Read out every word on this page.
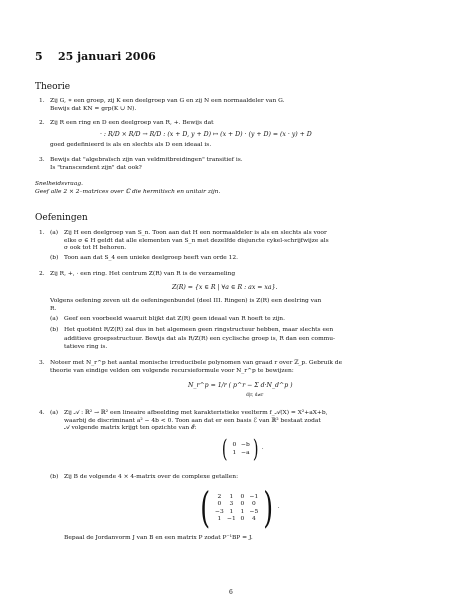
5 25 januari 2006
Theorie
1. Zij G, ∗ een groep, zij K een deelgroep van G en zij N een normaaldeler van G.
Bewijs dat KN = grp(K ∪ N).
2. Zij R een ring en D een deelgroep van R, +. Bewijs dat
· : R/D × R/D → R/D : (x + D, y + D) ↦ (x + D) · (y + D) = (x · y) + D
goed gedefinieerd is als en slechts als D een ideaal is.
3. Bewijs dat "algebraïsch zijn van veldmitbreidingen" transitief is.
Is "transcendent zijn" dat ook?
Snelheidsvraag.
Geef alle 2 × 2–matrices over ℂ die hermitisch en unitair zijn.
Oefeningen
1. (a) Zij H een deelgroep van S_n. Toon aan dat H een normaaldeler is als en slechts als voor
elke σ ∈ H geldt dat alle elementen van S_n met dezelfde disjuncte cykel-schrijfwijze als
σ ook tot H behoren.
(b) Toon aan dat S_4 een unieke deelgroep heeft van orde 12.
2. Zij R, +, · een ring. Het centrum Z(R) van R is de verzameling
Z(R) = {x ∈ R | ∀a ∈ R : ax = xa}.
Volgens oefening zeven uit de oefeningenbundel (deel III. Ringen) is Z(R) een deelring van
R.
(a) Geef een voorbeeld waaruit blijkt dat Z(R) geen ideaal van R hoeft te zijn.
(b) Het quotiënt R/Z(R) zal dus in het algemeen geen ringstructuur hebben, maar slechts een
additieve groepsstructuur. Bewijs dat als R/Z(R) een cyclische groep is, R dan een commu-
tatieve ring is.
3. Noteer met N_r^p het aantal monische irreducibele polynomen van graad r over ℤ_p. Gebruik de
theorie van eindige velden om volgende recursieformule voor N_r^p te bewijzen:
N_r^p = 1/r ( p^r − Σ d·N_d^p )
d|r, d≠r
4. (a) Zij 𝒜 : ℝ² → ℝ² een lineaire afbeelding met karakteristieke veelterm f_𝒜(X) = X²+aX+b,
waarbij de discriminant a² − 4b < 0. Toon aan dat er een basis ℰ van ℝ² bestaat zodat
𝒜 volgende matrix krijgt ten opzichte van ℰ:
( 0 −b
1 −a ) .
(b) Zij B de volgende 4 × 4-matrix over de complexe getallen:
(	2	1	0 −1
0	3	0	0
−3 1	1 −5
1 −1 0	4 ) .
Bepaal de Jordanvorm J van B en een matrix P zodat P⁻¹BP = J.
6
